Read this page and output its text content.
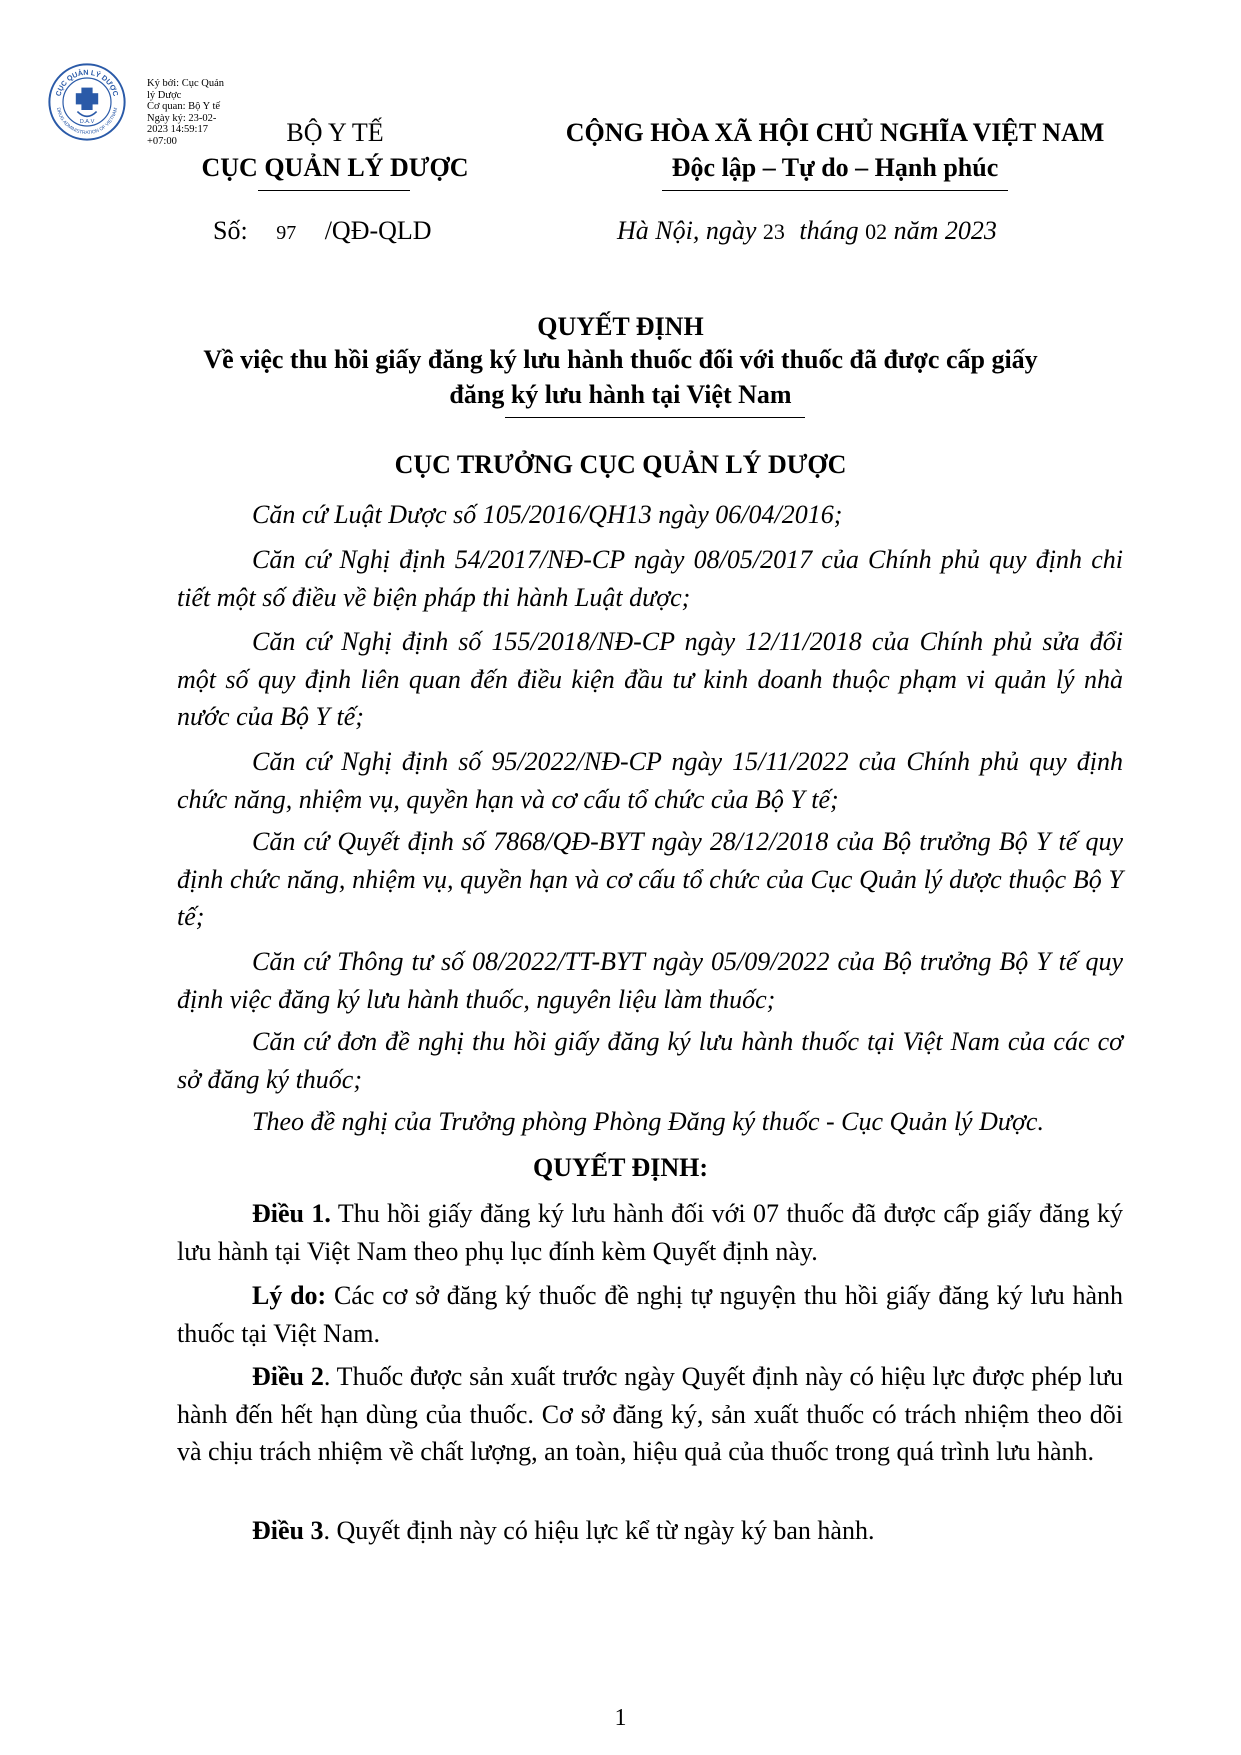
CỤC QUẢN LÝ DƯỢC
DRUG ADMINISTRATION OF VIETNAM
D.A.V
Ký bởi: Cục Quản
lý Dược
Cơ quan: Bộ Y tế
Ngày ký: 23-02-
2023 14:59:17
+07:00	BỘ Y TẾ
CỤC QUẢN LÝ DƯỢC
Số: 97 /QĐ-QLD
CỘNG HÒA XÃ HỘI CHỦ NGHĨA VIỆT NAM
Độc lập – Tự do – Hạnh phúc
Hà Nội, ngày 23 tháng 02 năm 2023
QUYẾT ĐỊNH
Về việc thu hồi giấy đăng ký lưu hành thuốc đối với thuốc đã được cấp giấy
đăng ký lưu hành tại Việt Nam
CỤC TRƯỞNG CỤC QUẢN LÝ DƯỢC

Căn cứ Luật Dược số 105/2016/QH13 ngày 06/04/2016;

Căn cứ Nghị định 54/2017/NĐ-CP ngày 08/05/2017 của Chính phủ quy định chi tiết một số điều về biện pháp thi hành Luật dược;

Căn cứ Nghị định số 155/2018/NĐ-CP ngày 12/11/2018 của Chính phủ sửa đổi một số quy định liên quan đến điều kiện đầu tư kinh doanh thuộc phạm vi quản lý nhà nước của Bộ Y tế;

Căn cứ Nghị định số 95/2022/NĐ-CP ngày 15/11/2022 của Chính phủ quy định chức năng, nhiệm vụ, quyền hạn và cơ cấu tổ chức của Bộ Y tế;

Căn cứ Quyết định số 7868/QĐ-BYT ngày 28/12/2018 của Bộ trưởng Bộ Y tế quy định chức năng, nhiệm vụ, quyền hạn và cơ cấu tổ chức của Cục Quản lý dược thuộc Bộ Y tế;

Căn cứ Thông tư số 08/2022/TT-BYT ngày 05/09/2022 của Bộ trưởng Bộ Y tế quy định việc đăng ký lưu hành thuốc, nguyên liệu làm thuốc;

Căn cứ đơn đề nghị thu hồi giấy đăng ký lưu hành thuốc tại Việt Nam của các cơ sở đăng ký thuốc;

Theo đề nghị của Trưởng phòng Phòng Đăng ký thuốc - Cục Quản lý Dược.

QUYẾT ĐỊNH:

Điều 1. Thu hồi giấy đăng ký lưu hành đối với 07 thuốc đã được cấp giấy đăng ký lưu hành tại Việt Nam theo phụ lục đính kèm Quyết định này.

Lý do: Các cơ sở đăng ký thuốc đề nghị tự nguyện thu hồi giấy đăng ký lưu hành thuốc tại Việt Nam.

Điều 2. Thuốc được sản xuất trước ngày Quyết định này có hiệu lực được phép lưu hành đến hết hạn dùng của thuốc. Cơ sở đăng ký, sản xuất thuốc có trách nhiệm theo dõi và chịu trách nhiệm về chất lượng, an toàn, hiệu quả của thuốc trong quá trình lưu hành.

Điều 3. Quyết định này có hiệu lực kể từ ngày ký ban hành.

1
